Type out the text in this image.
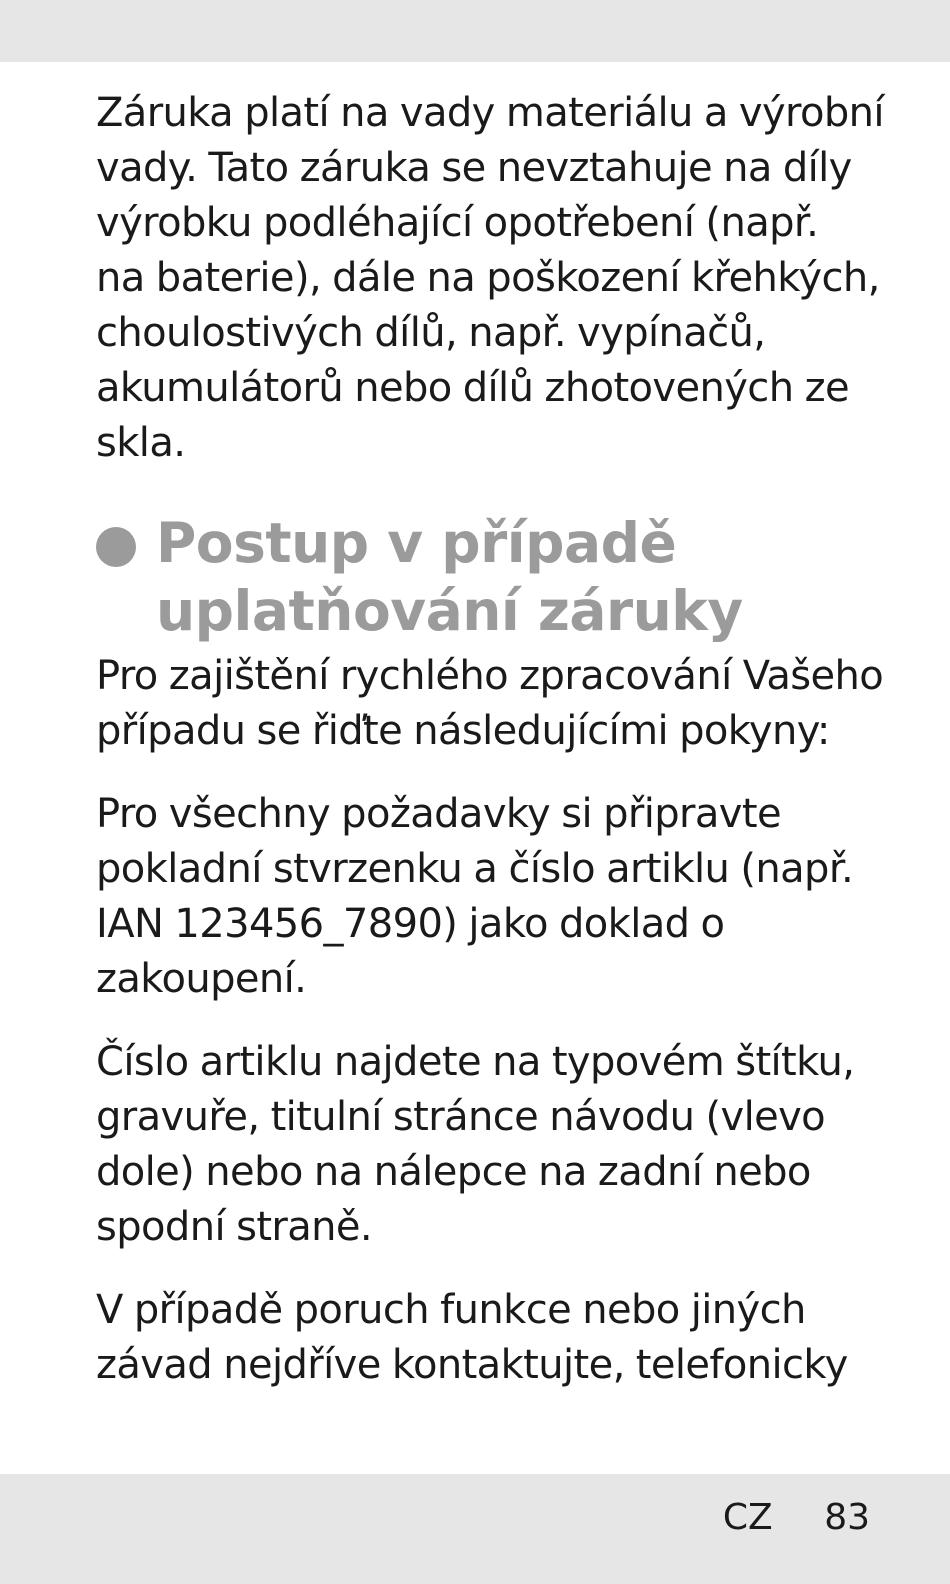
Záruka platí na vady materiálu a výrobní
vady. Tato záruka se nevztahuje na díly
výrobku podléhající opotřebení (např.
na baterie), dále na poškození křehkých,
choulostivých dílů, např. vypínačů,
akumulátorů nebo dílů zhotovených ze
skla.

Postup v případě
uplatňování záruky

Pro zajištění rychlého zpracování Vašeho
případu se řiďte následujícími pokyny:

Pro všechny požadavky si připravte
pokladní stvrzenku a číslo artiklu (např.
IAN 123456_7890) jako doklad o
zakoupení.

Číslo artiklu najdete na typovém štítku,
gravuře, titulní stránce návodu (vlevo
dole) nebo na nálepce na zadní nebo
spodní straně.

V případě poruch funkce nebo jiných
závad nejdříve kontaktujte, telefonicky

CZ 83
